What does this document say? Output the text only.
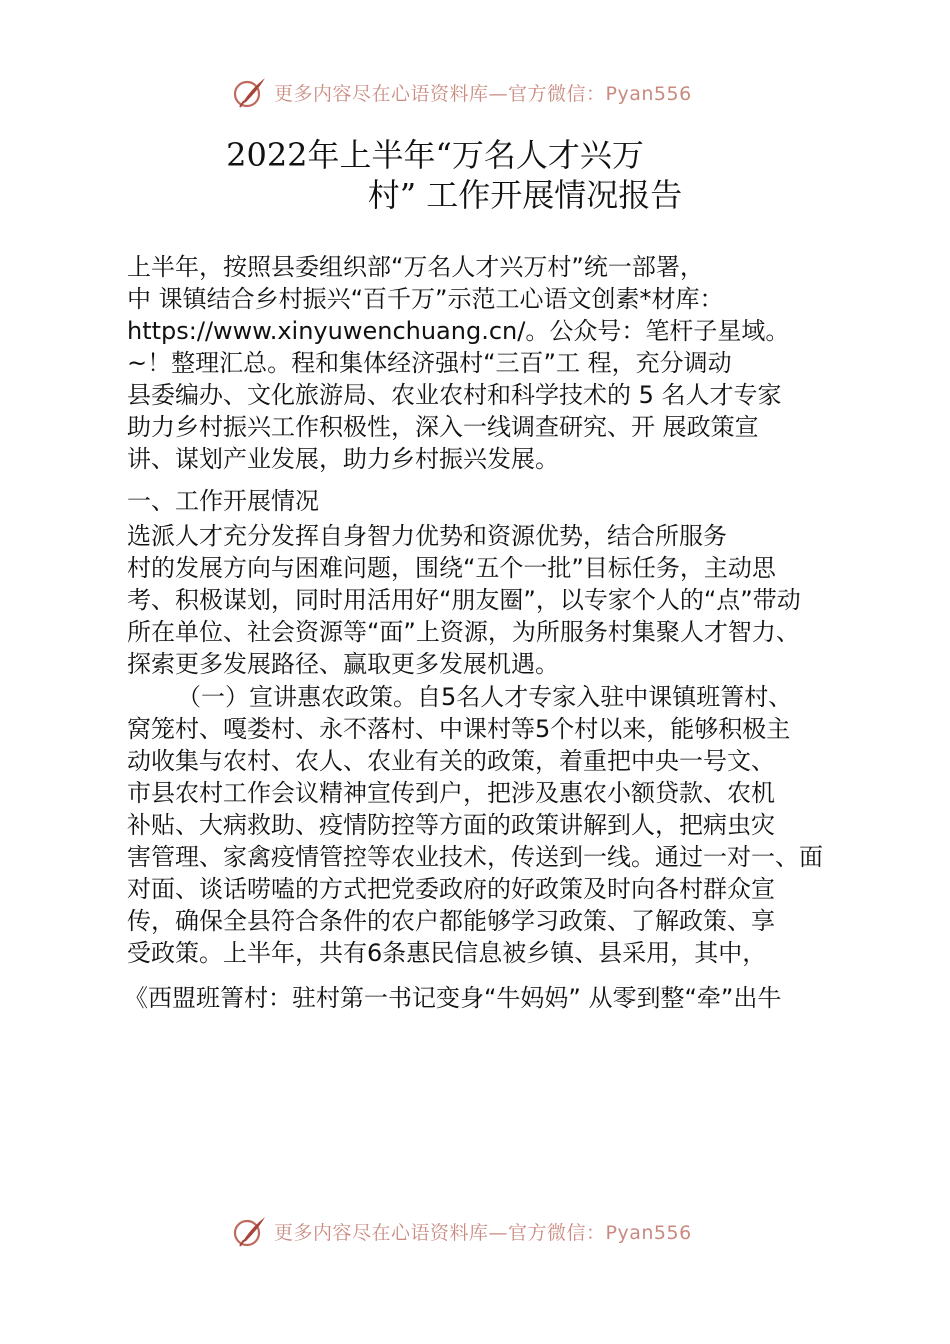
更多内容尽在心语资料库—官方微信：Pyan556
2022年上半年“万名人才兴万
村” 工作开展情况报告

上半年，按照县委组织部“万名人才兴万村”统一部署，

中 课镇结合乡村振兴“百千万”示范工心语文创素*材库：

https://www.xinyuwenchuang.cn/。公众号：笔杆子星域。

~！整理汇总。程和集体经济强村“三百”工 程，充分调动

县委编办、文化旅游局、农业农村和科学技术的 5 名人才专家

助力乡村振兴工作积极性，深入一线调查研究、开 展政策宣

讲、谋划产业发展，助力乡村振兴发展。

一、工作开展情况

选派人才充分发挥自身智力优势和资源优势，结合所服务

村的发展方向与困难问题，围绕“五个一批”目标任务，主动思

考、积极谋划，同时用活用好“朋友圈”，以专家个人的“点”带动

所在单位、社会资源等“面”上资源，为所服务村集聚人才智力、

探索更多发展路径、赢取更多发展机遇。

（一）宣讲惠农政策。自5名人才专家入驻中课镇班箐村、

窝笼村、嘎娄村、永不落村、中课村等5个村以来，能够积极主

动收集与农村、农人、农业有关的政策，着重把中央一号文、

市县农村工作会议精神宣传到户，把涉及惠农小额贷款、农机

补贴、大病救助、疫情防控等方面的政策讲解到人，把病虫灾

害管理、家禽疫情管控等农业技术，传送到一线。通过一对一、面

对面、谈话唠嗑的方式把党委政府的好政策及时向各村群众宣

传，确保全县符合条件的农户都能够学习政策、了解政策、享

受政策。上半年，共有6条惠民信息被乡镇、县采用，其中，

《西盟班箐村：驻村第一书记变身“牛妈妈” 从零到整“牵”出牛

更多内容尽在心语资料库—官方微信：Pyan556
